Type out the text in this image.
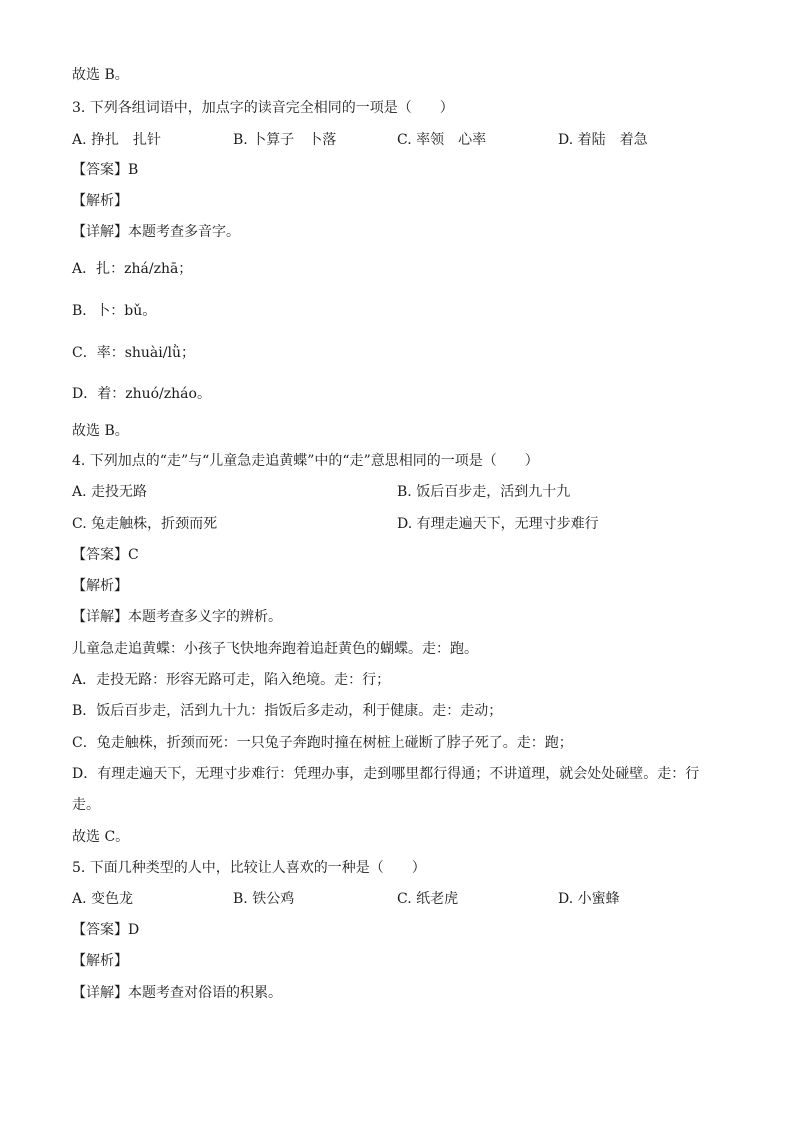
故选 B。
3. 下列各组词语中，加点字的读音完全相同的一项是（　　）
A. 挣扎　扎针	B. 卜算子　卜落	C. 率领　心率	D. 着陆　着急
【答案】B
【解析】
【详解】本题考查多音字。
A．扎：zhá/zhā；
B．卜：bǔ。
C．率：shuài/lǜ；
D．着：zhuó/zháo。
故选 B。
4. 下列加点的“走”与“儿童急走追黄蝶”中的“走”意思相同的一项是（　　）
A. 走投无路	B. 饭后百步走，活到九十九
C. 兔走触株，折颈而死	D. 有理走遍天下，无理寸步难行
【答案】C
【解析】
【详解】本题考查多义字的辨析。
儿童急走追黄蝶：小孩子飞快地奔跑着追赶黄色的蝴蝶。走：跑。
A．走投无路：形容无路可走，陷入绝境。走：行；
B．饭后百步走，活到九十九：指饭后多走动，利于健康。走：走动；
C．兔走触株，折颈而死：一只兔子奔跑时撞在树桩上碰断了脖子死了。走：跑；
D．有理走遍天下，无理寸步难行：凭理办事，走到哪里都行得通；不讲道理，就会处处碰壁。走：行
走。
故选 C。
5. 下面几种类型的人中，比较让人喜欢的一种是（　　）
A. 变色龙	B. 铁公鸡	C. 纸老虎	D. 小蜜蜂
【答案】D
【解析】
【详解】本题考查对俗语的积累。
